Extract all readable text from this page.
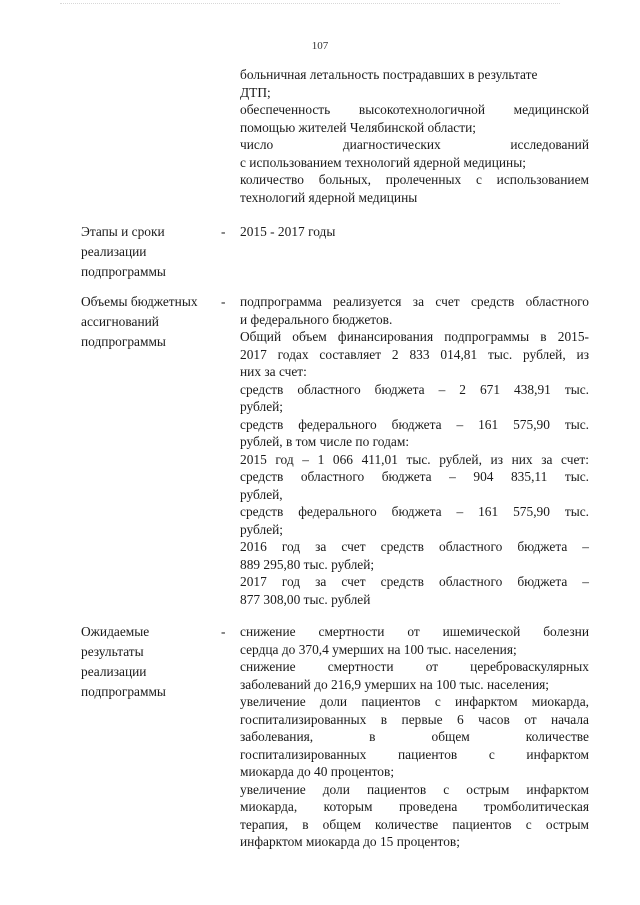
107
больничная летальность пострадавших в результате
ДТП;
обеспеченность высокотехнологичной медицинской
помощью жителей Челябинской области;
число диагностических исследований
с использованием технологий ядерной медицины;
количество больных, пролеченных с использованием
технологий ядерной медицины
Этапы и сроки
реализации
подпрограммы
- 2015 - 2017 годы
Объемы бюджетных
ассигнований
подпрограммы
- подпрограмма реализуется за счет средств областного
и федерального бюджетов.
Общий объем финансирования подпрограммы в 2015-
2017 годах составляет 2 833 014,81 тыс. рублей, из
них за счет:
средств областного бюджета – 2 671 438,91 тыс.
рублей;
средств федерального бюджета – 161 575,90 тыс.
рублей, в том числе по годам:
2015 год – 1 066 411,01 тыс. рублей, из них за счет:
средств областного бюджета – 904 835,11 тыс.
рублей,
средств федерального бюджета – 161 575,90 тыс.
рублей;
2016 год за счет средств областного бюджета –
889 295,80 тыс. рублей;
2017 год за счет средств областного бюджета –
877 308,00 тыс. рублей
Ожидаемые
результаты
реализации
подпрограммы
- снижение смертности от ишемической болезни
сердца до 370,4 умерших на 100 тыс. населения;
снижение смертности от цереброваскулярных
заболеваний до 216,9 умерших на 100 тыс. населения;
увеличение доли пациентов с инфарктом миокарда,
госпитализированных в первые 6 часов от начала
заболевания, в общем количестве
госпитализированных пациентов с инфарктом
миокарда до 40 процентов;
увеличение доли пациентов с острым инфарктом
миокарда, которым проведена тромболитическая
терапия, в общем количестве пациентов с острым
инфарктом миокарда до 15 процентов;
